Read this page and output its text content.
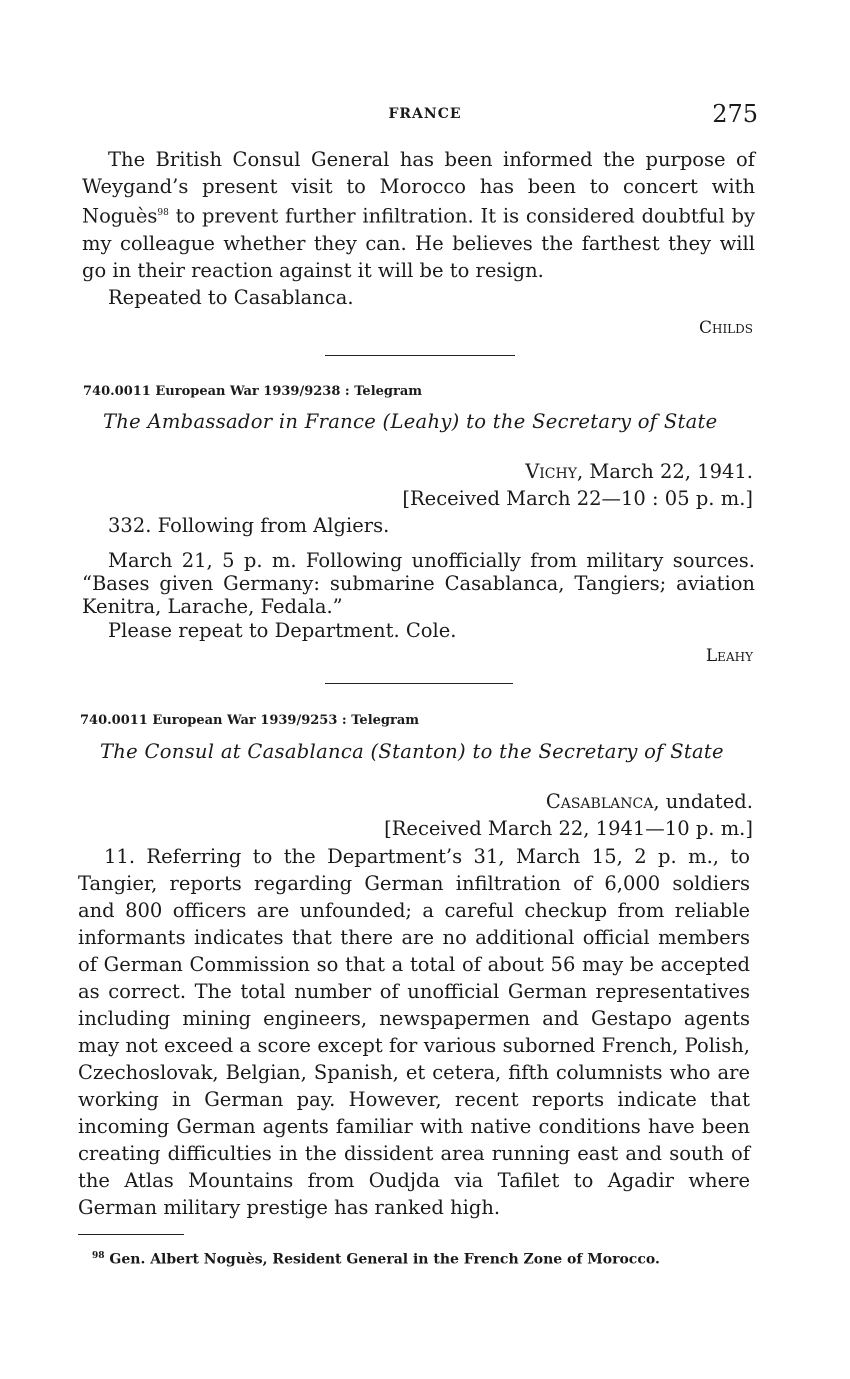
FRANCE	275

The British Consul General has been informed the purpose of Weygand’s present visit to Morocco has been to concert with Noguès$^{98}$ to prevent further infiltration. It is considered doubtful by my colleague whether they can. He believes the farthest they will go in their reaction against it will be to resign.

Repeated to Casablanca.

Childs
740.0011 European War 1939/9238 : Telegram
The Ambassador in France (Leahy) to the Secretary of State
Vichy, March 22, 1941.
[Received March 22—10 : 05 p. m.]

332. Following from Algiers.

March 21, 5 p. m. Following unofficially from military sources. “Bases given Germany: submarine Casablanca, Tangiers; aviation Kenitra, Larache, Fedala.”

Please repeat to Department. Cole.

Leahy
740.0011 European War 1939/9253 : Telegram
The Consul at Casablanca (Stanton) to the Secretary of State
Casablanca, undated.
[Received March 22, 1941—10 p. m.]

11. Referring to the Department’s 31, March 15, 2 p. m., to Tangier, reports regarding German infiltration of 6,000 soldiers and 800 officers are unfounded; a careful checkup from reliable informants indicates that there are no additional official members of German Commission so that a total of about 56 may be accepted as correct. The total number of unofficial German representatives including mining engineers, newspapermen and Gestapo agents may not exceed a score except for various suborned French, Polish, Czechoslovak, Belgian, Spanish, et cetera, fifth columnists who are working in German pay. However, recent reports indicate that incoming German agents familiar with native conditions have been creating difficulties in the dissident area running east and south of the Atlas Mountains from Oudjda via Tafilet to Agadir where German military prestige has ranked high.

$^{98}$ Gen. Albert Noguès, Resident General in the French Zone of Morocco.
